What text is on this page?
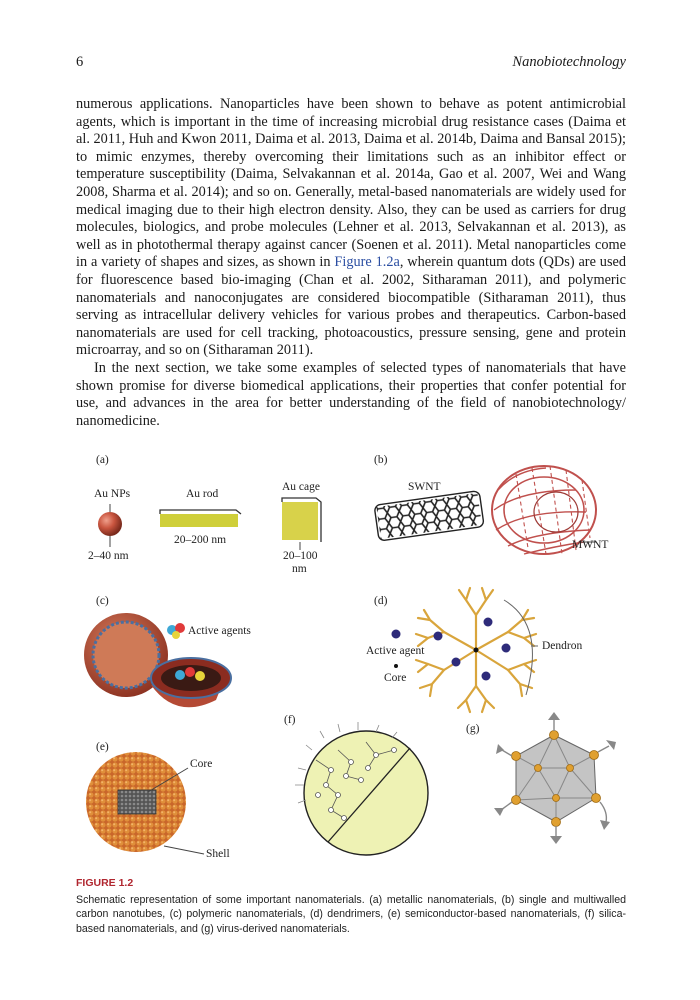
6	Nanobiotechnology

numerous applications. Nanoparticles have been shown to behave as potent antimicrobial agents, which is important in the time of increasing microbial drug resistance cases (Daima et al. 2011, Huh and Kwon 2011, Daima et al. 2013, Daima et al. 2014b, Daima and Bansal 2015); to mimic enzymes, thereby overcoming their limitations such as an inhibitor effect or temperature susceptibility (Daima, Selvakannan et al. 2014a, Gao et al. 2007, Wei and Wang 2008, Sharma et al. 2014); and so on. Generally, metal-based nanomaterials are widely used for medical imaging due to their high electron density. Also, they can be used as carriers for drug molecules, biologics, and probe molecules (Lehner et al. 2013, Selvakannan et al. 2013), as well as in photothermal therapy against cancer (Soenen et al. 2011). Metal nanoparticles come in a variety of shapes and sizes, as shown in Figure 1.2a, wherein quantum dots (QDs) are used for fluorescence based bio-imaging (Chan et al. 2002, Sitharaman 2011), and polymeric nanomaterials and nanoconjugates are considered biocompatible (Sitharaman 2011), thus serving as intracellular delivery vehicles for various probes and therapeutics. Carbon-based nanomaterials are used for cell tracking, photoacoustics, pressure sensing, gene and protein microarray, and so on (Sitharaman 2011).

In the next section, we take some examples of selected types of nanomaterials that have shown promise for diverse biomedical applications, their properties that confer potential for use, and advances in the area for better understanding of the field of nanobiotechnology/ nanomedicine.

(a)
Au NPs
2–40 nm
Au rod
20–200 nm
Au cage
20–100
nm
(b)
SWNT
MWNT
(c)
Active agents
(d)
Active agent
Core
Dendron
(e)
Core
Shell
(f)
(g)
FIGURE 1.2
Schematic representation of some important nanomaterials. (a) metallic nanomaterials, (b) single and multiwalled carbon nanotubes, (c) polymeric nanomaterials, (d) dendrimers, (e) semiconductor-based nanomaterials, (f) silica-based nanomaterials, and (g) virus-derived nanomaterials.
